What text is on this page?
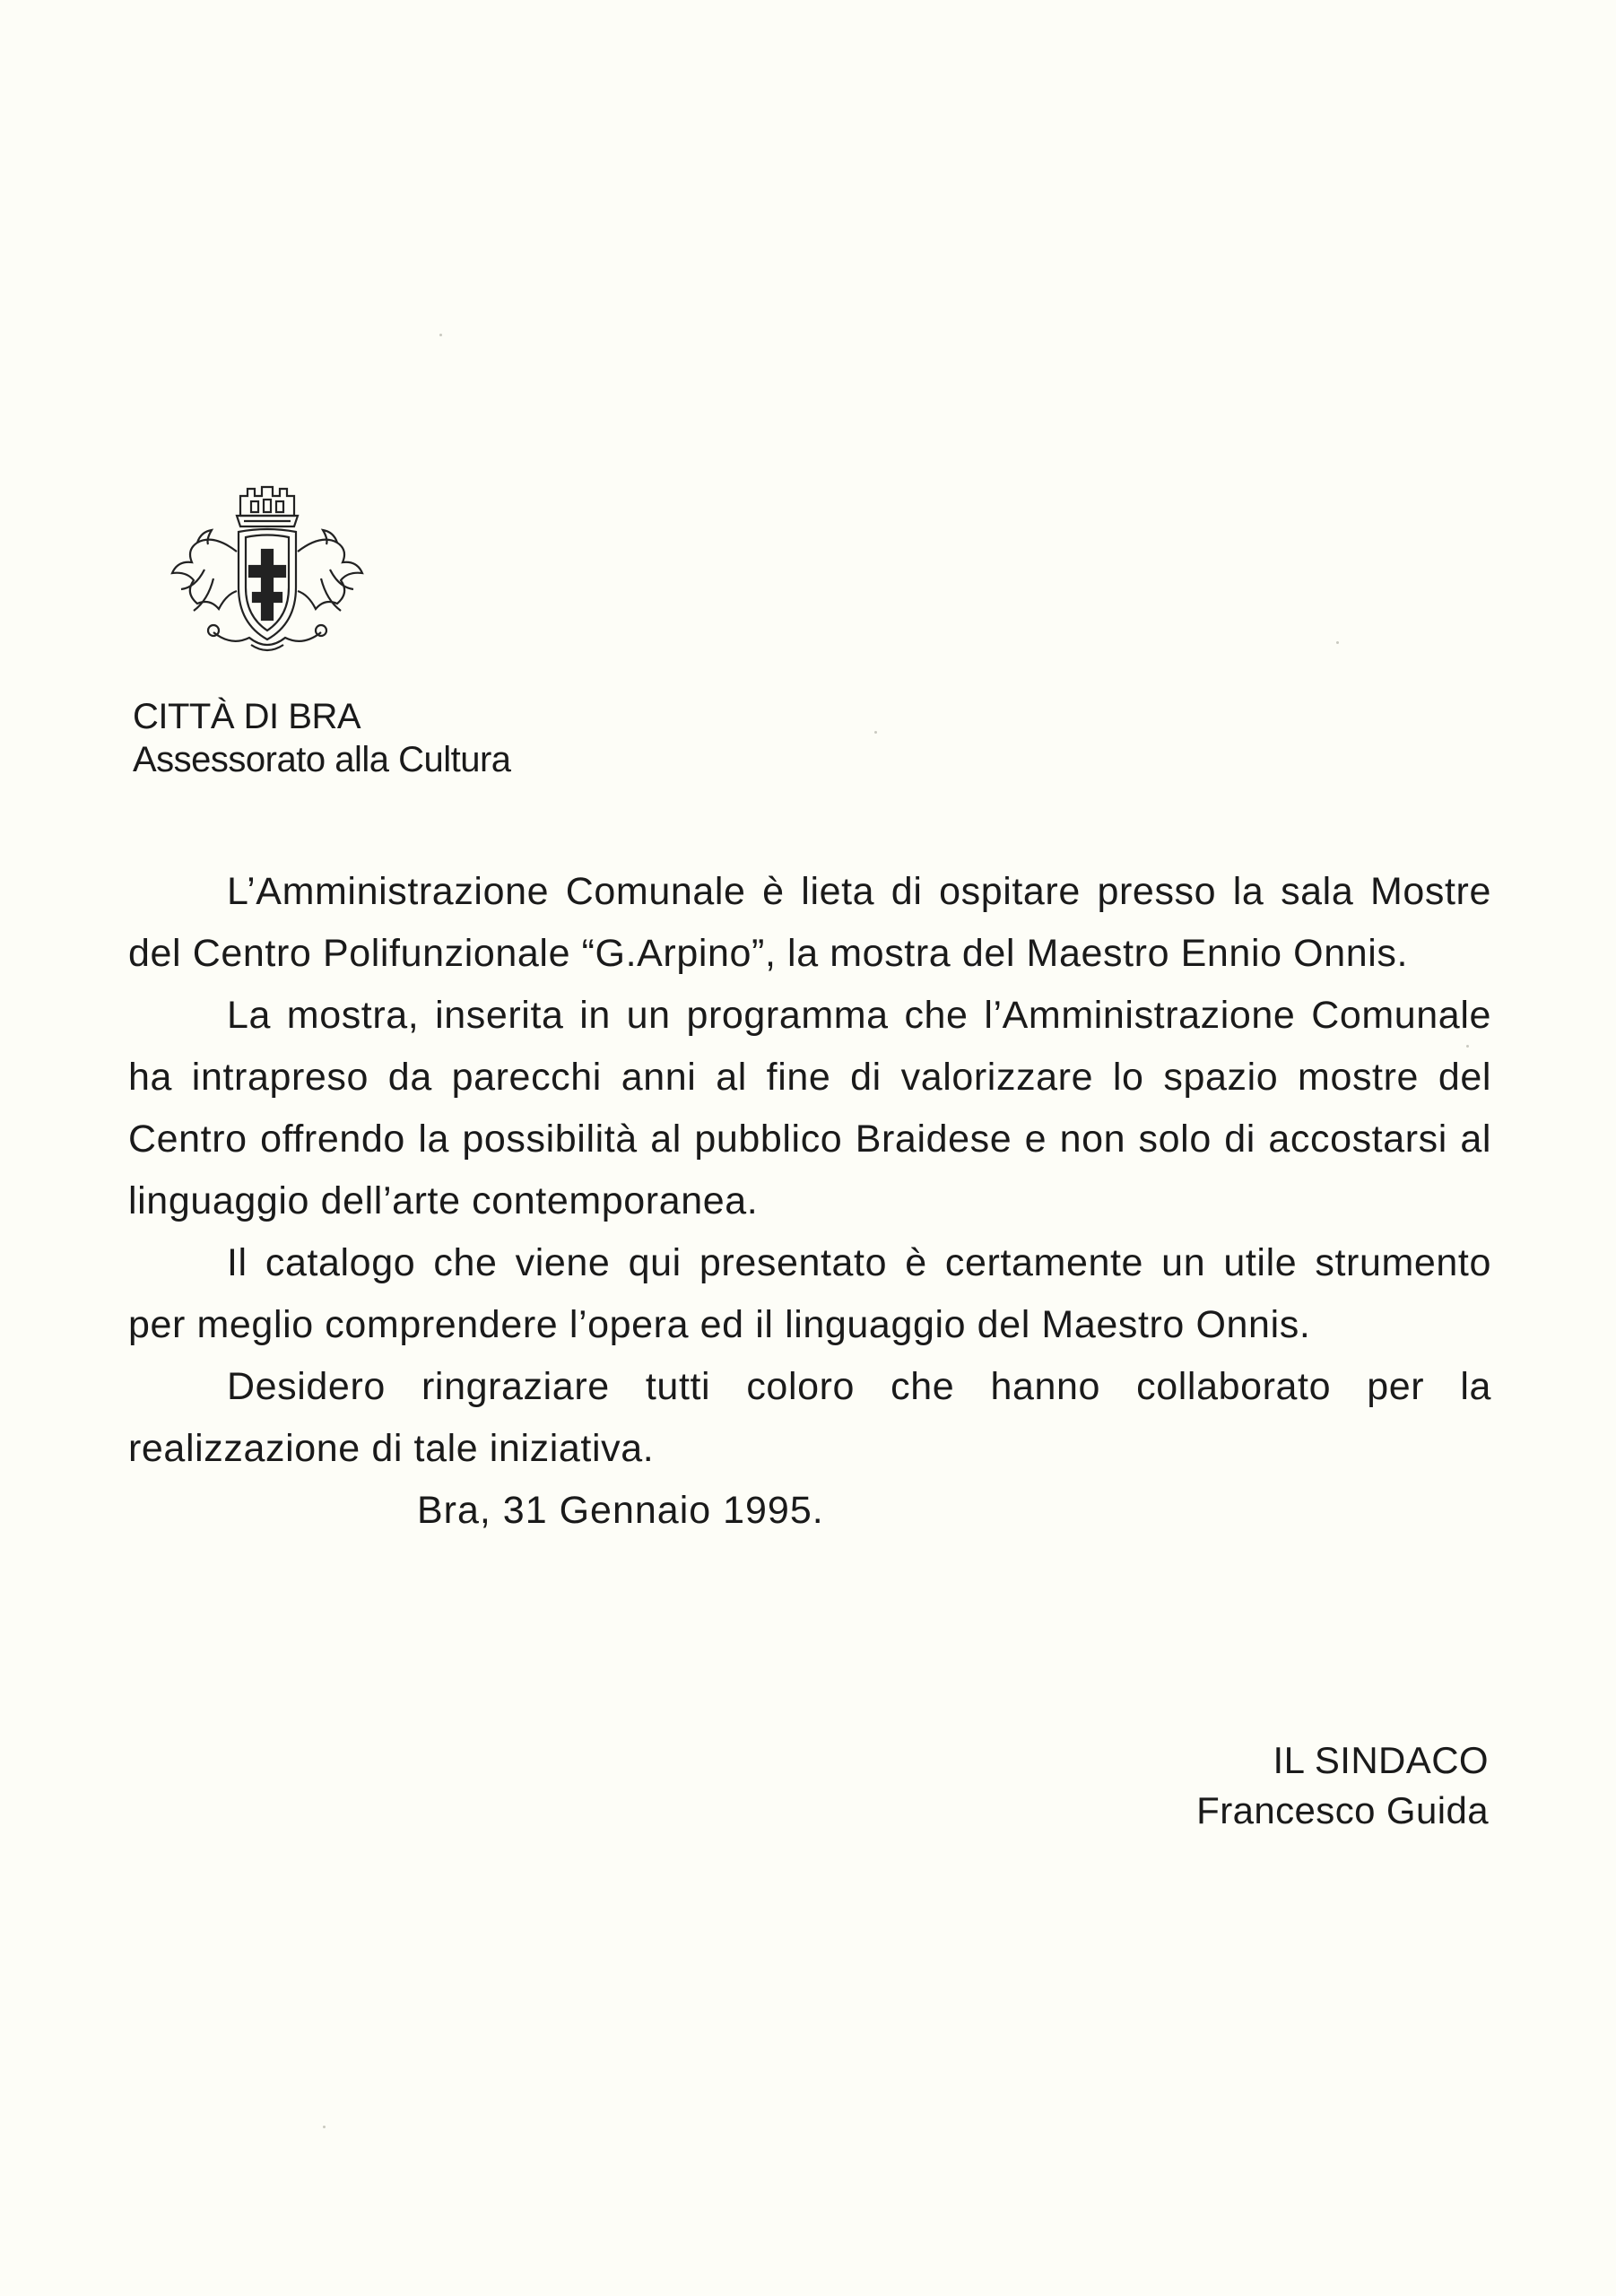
CITTÀ DI BRA
Assessorato alla Cultura

L’Amministrazione Comunale è lieta di ospitare presso la sala Mostre del Centro Polifunzionale “G.Arpino”, la mostra del Maestro Ennio Onnis.

La mostra, inserita in un programma che l’Amministrazione Comunale ha intrapreso da parecchi anni al fine di valorizzare lo spazio mostre del Centro offrendo la possibilità al pubblico Braidese e non solo di accostarsi al linguaggio dell’arte contemporanea.

Il catalogo che viene qui presentato è certamente un utile strumento per meglio comprendere l’opera ed il linguaggio del Maestro Onnis.

Desidero ringraziare tutti coloro che hanno collaborato per la realizzazione di tale iniziativa.

Bra, 31 Gennaio 1995.

IL SINDACO
Francesco Guida
